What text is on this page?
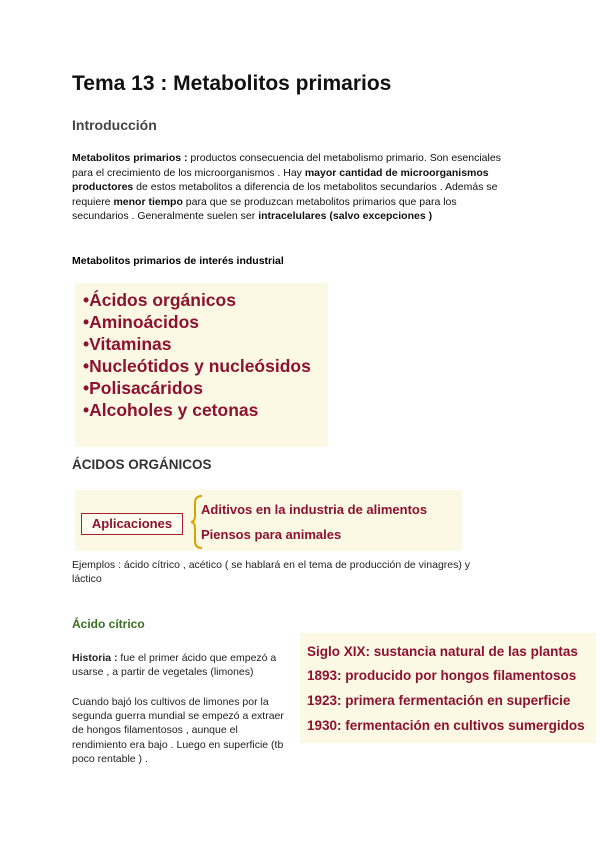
Tema 13 : Metabolitos primarios
Introducción
Metabolitos primarios : productos consecuencia del metabolismo primario. Son esenciales
para el crecimiento de los microorganismos . Hay mayor cantidad de microorganismos
productores de estos metabolitos a diferencia de los metabolitos secundarios . Además se
requiere menor tiempo para que se produzcan metabolitos primarios que para los
secundarios . Generalmente suelen ser intracelulares (salvo excepciones )
Metabolitos primarios de interés industrial
•Ácidos orgánicos
•Aminoácidos
•Vitaminas
•Nucleótidos y nucleósidos
•Polisacáridos
•Alcoholes y cetonas
ÁCIDOS ORGÁNICOS
Aplicaciones
Aditivos en la industria de alimentos
Piensos para animales
Ejemplos : ácido cítrico , acético ( se hablará en el tema de producción de vinagres) y
láctico
Ácido cítrico
Historia : fue el primer ácido que empezó a
usarse , a partir de vegetales (limones)
Cuando bajó los cultivos de limones por la
segunda guerra mundial se empezó a extraer
de hongos filamentosos , aunque el
rendimiento era bajo . Luego en superficie (tb
poco rentable ) .
Siglo XIX: sustancia natural de las plantas
1893: producido por hongos filamentosos
1923: primera fermentación en superficie
1930: fermentación en cultivos sumergidos
